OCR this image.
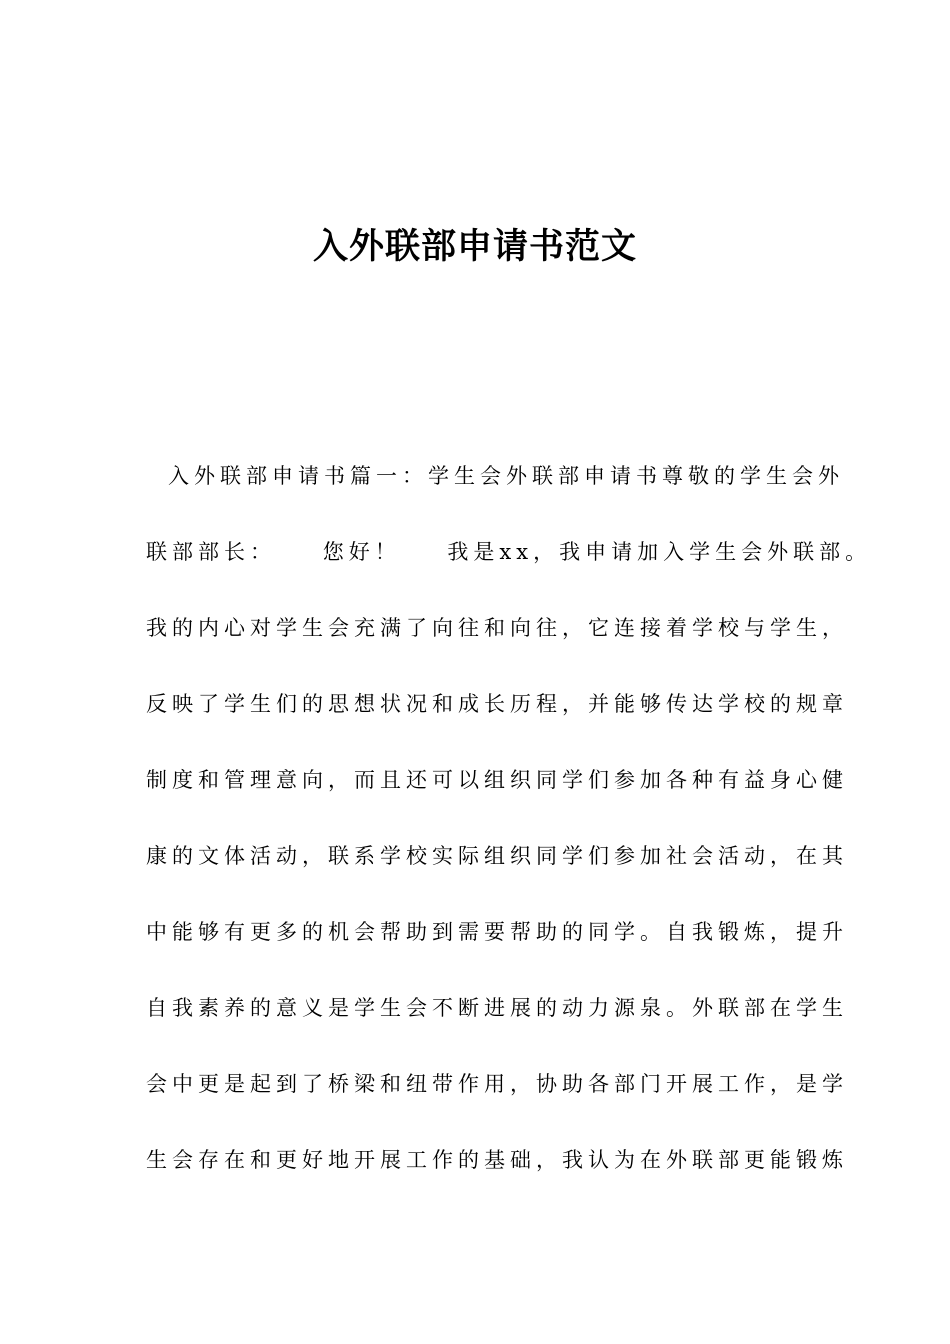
入外联部申请书范文
入外联部申请书篇一：学生会外联部申请书尊敬的学生会外
联部部长：    您好！    我是xx，我申请加入学生会外联部。
我的内心对学生会充满了向往和向往，它连接着学校与学生，
反映了学生们的思想状况和成长历程，并能够传达学校的规章
制度和管理意向，而且还可以组织同学们参加各种有益身心健
康的文体活动，联系学校实际组织同学们参加社会活动，在其
中能够有更多的机会帮助到需要帮助的同学。自我锻炼，提升
自我素养的意义是学生会不断进展的动力源泉。外联部在学生
会中更是起到了桥梁和纽带作用，协助各部门开展工作，是学
生会存在和更好地开展工作的基础，我认为在外联部更能锻炼
